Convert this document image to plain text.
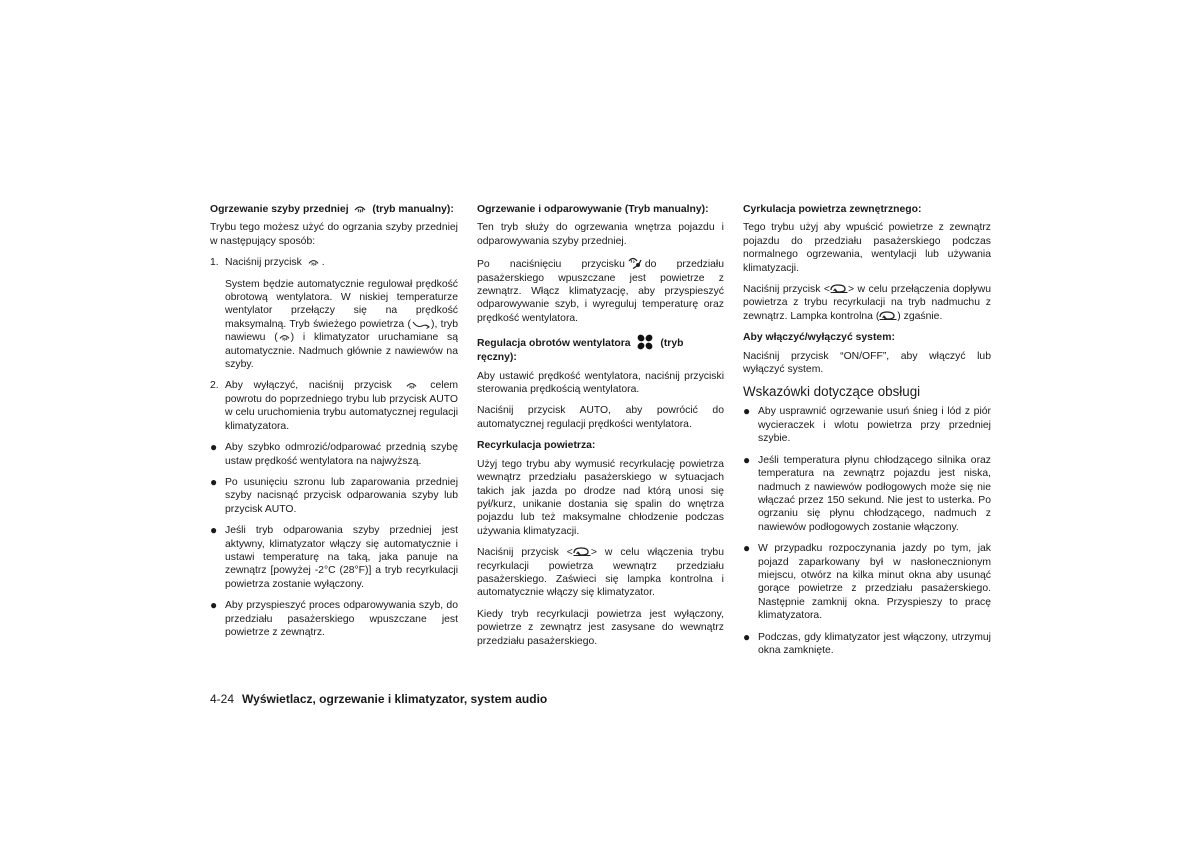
Ogrzewanie szyby przedniej (tryb manualny):

Trybu tego możesz użyć do ogrzania szyby przedniej w następujący sposób:

1. Naciśnij przycisk .

System będzie automatycznie regulował prędkość obrotową wentylatora. W niskiej temperaturze wentylator przełączy się na prędkość maksymalną. Tryb świeżego powietrza ( ), tryb nawiewu ( ) i klimatyzator uruchamiane są automatycznie. Nadmuch głównie z nawiewów na szyby.

2. Aby wyłączyć, naciśnij przycisk	celem powrotu do poprzedniego trybu lub przycisk AUTO w celu uruchomienia trybu automatycznej regulacji klimatyzatora.
● Aby szybko odmrozić/odparować przednią szybę ustaw prędkość wentylatora na najwyższą.
● Po usunięciu szronu lub zaparowania przedniej szyby nacisnąć przycisk odparowania szyby lub przycisk AUTO.
● Jeśli tryb odparowania szyby przedniej jest aktywny, klimatyzator włączy się automatycznie i ustawi temperaturę na taką, jaka panuje na zewnątrz [powyżej -2°C (28°F)] a tryb recyrkulacji powietrza zostanie wyłączony.
● Aby przyspieszyć proces odparowywania szyb, do przedziału pasażerskiego wpuszczane jest powietrze z zewnątrz.
Ogrzewanie i odparowywanie (Tryb manualny):

Ten tryb służy do ogrzewania wnętrza pojazdu i odparowywania szyby przedniej.

Po naciśnięciu przycisku do przedziału pasażerskiego wpuszczane jest powietrze z zewnątrz. Włącz klimatyzację, aby przyspieszyć odparowywanie szyb, i wyreguluj temperaturę oraz prędkość wentylatora.

Regulacja obrotów wentylatora	(tryb ręczny):

Aby ustawić prędkość wentylatora, naciśnij przyciski sterowania prędkością wentylatora.

Naciśnij przycisk AUTO, aby powrócić do automatycznej regulacji prędkości wentylatora.

Recyrkulacja powietrza:

Użyj tego trybu aby wymusić recyrkulację powietrza wewnątrz przedziału pasażerskiego w sytuacjach takich jak jazda po drodze nad którą unosi się pył/kurz, unikanie dostania się spalin do wnętrza pojazdu lub też maksymalne chłodzenie podczas używania klimatyzacji.

Naciśnij przycisk < > w celu włączenia trybu recyrkulacji powietrza wewnątrz przedziału pasażerskiego. Zaświeci się lampka kontrolna i automatycznie włączy się klimatyzator.

Kiedy tryb recyrkulacji powietrza jest wyłączony, powietrze z zewnątrz jest zasysane do wewnątrz przedziału pasażerskiego.

Cyrkulacja powietrza zewnętrznego:

Tego trybu użyj aby wpuścić powietrze z zewnątrz pojazdu do przedziału pasażerskiego podczas normalnego ogrzewania, wentylacji lub używania klimatyzacji.

Naciśnij przycisk < > w celu przełączenia dopływu powietrza z trybu recyrkulacji na tryb nadmuchu z zewnątrz. Lampka kontrolna ( ) zgaśnie.

Aby włączyć/wyłączyć system:

Naciśnij przycisk “ON/OFF”, aby włączyć lub wyłączyć system.

Wskazówki dotyczące obsługi
● Aby usprawnić ogrzewanie usuń śnieg i lód z piór wycieraczek i wlotu powietrza przy przedniej szybie.
● Jeśli temperatura płynu chłodzącego silnika oraz temperatura na zewnątrz pojazdu jest niska, nadmuch z nawiewów podłogowych może się nie włączać przez 150 sekund. Nie jest to usterka. Po ogrzaniu się płynu chłodzącego, nadmuch z nawiewów podłogowych zostanie włączony.
● W przypadku rozpoczynania jazdy po tym, jak pojazd zaparkowany był w nasłonecznionym miejscu, otwórz na kilka minut okna aby usunąć gorące powietrze z przedziału pasażerskiego. Następnie zamknij okna. Przyspieszy to pracę klimatyzatora.
● Podczas, gdy klimatyzator jest włączony, utrzymuj okna zamknięte.
4-24 Wyświetlacz, ogrzewanie i klimatyzator, system audio
